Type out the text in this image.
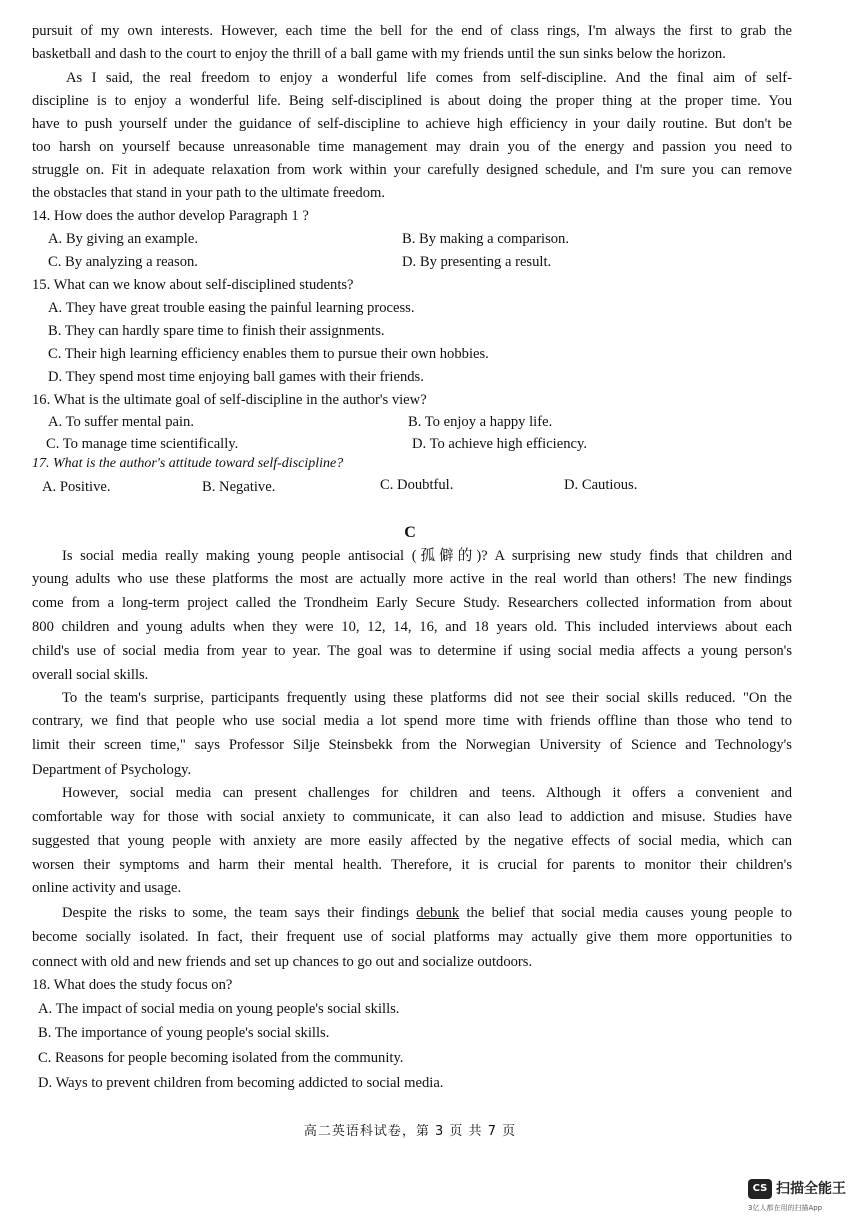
pursuit of my own interests. However, each time the bell for the end of class rings, I'm always the first to grab the
basketball and dash to the court to enjoy the thrill of a ball game with my friends until the sun sinks below the horizon.
As I said, the real freedom to enjoy a wonderful life comes from self-discipline. And the final aim of self-
discipline is to enjoy a wonderful life. Being self-disciplined is about doing the proper thing at the proper time. You
have to push yourself under the guidance of self-discipline to achieve high efficiency in your daily routine. But don't be
too harsh on yourself because unreasonable time management may drain you of the energy and passion you need to
struggle on. Fit in adequate relaxation from work within your carefully designed schedule, and I'm sure you can remove
the obstacles that stand in your path to the ultimate freedom.
14. How does the author develop Paragraph 1 ?
A. By giving an example.	B. By making a comparison.
C. By analyzing a reason.	D. By presenting a result.
15. What can we know about self-disciplined students?
A. They have great trouble easing the painful learning process.
B. They can hardly spare time to finish their assignments.
C. Their high learning efficiency enables them to pursue their own hobbies.
D. They spend most time enjoying ball games with their friends.
16. What is the ultimate goal of self-discipline in the author's view?
A. To suffer mental pain.	B. To enjoy a happy life.
C. To manage time scientifically.	D. To achieve high efficiency.
17. What is the author's attitude toward self-discipline?
A. Positive.	B. Negative.	C. Doubtful.	D. Cautious.
C
Is social media really making young people antisocial (孤僻的)? A surprising new study finds that children and
young adults who use these platforms the most are actually more active in the real world than others! The new findings
come from a long-term project called the Trondheim Early Secure Study. Researchers collected information from about
800 children and young adults when they were 10, 12, 14, 16, and 18 years old. This included interviews about each
child's use of social media from year to year. The goal was to determine if using social media affects a young person's
overall social skills.
To the team's surprise, participants frequently using these platforms did not see their social skills reduced. "On the
contrary, we find that people who use social media a lot spend more time with friends offline than those who tend to
limit their screen time," says Professor Silje Steinsbekk from the Norwegian University of Science and Technology's
Department of Psychology.
However, social media can present challenges for children and teens. Although it offers a convenient and
comfortable way for those with social anxiety to communicate, it can also lead to addiction and misuse. Studies have
suggested that young people with anxiety are more easily affected by the negative effects of social media, which can
worsen their symptoms and harm their mental health. Therefore, it is crucial for parents to monitor their children's
online activity and usage.
Despite the risks to some, the team says their findings debunk the belief that social media causes young people to
become socially isolated. In fact, their frequent use of social platforms may actually give them more opportunities to
connect with old and new friends and set up chances to go out and socialize outdoors.
18. What does the study focus on?
A. The impact of social media on young people's social skills.
B. The importance of young people's social skills.
C. Reasons for people becoming isolated from the community.
D. Ways to prevent children from becoming addicted to social media.
高二英语科试卷，第 3 页 共 7 页
CS 扫描全能王
3亿人都在用的扫描App
